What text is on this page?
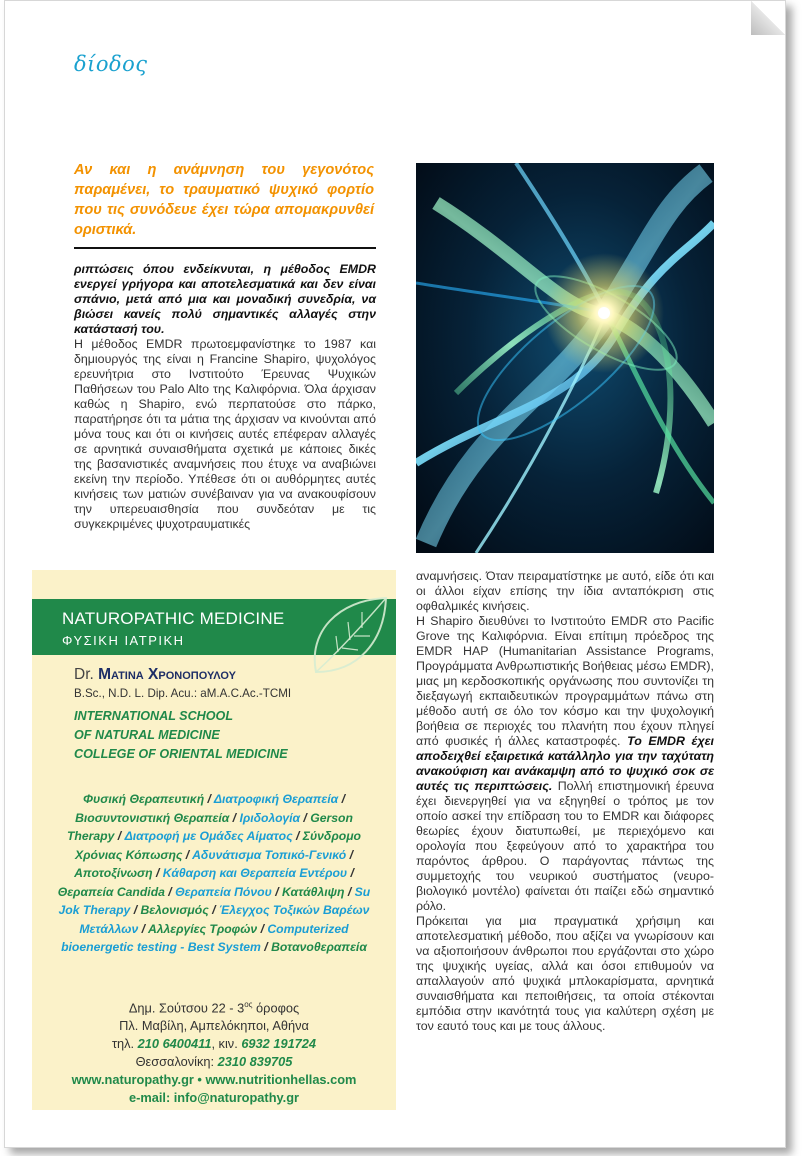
δίοδος
Αν και η ανάμνηση του γεγονότος παραμένει, το τραυματικό ψυχικό φορτίο που τις συνόδευε έχει τώρα απομακρυνθεί οριστικά.

ριπτώσεις όπου ενδείκνυται, η μέθοδος EMDR ενεργεί γρήγορα και αποτελεσματικά και δεν είναι σπάνιο, μετά από μια και μοναδική συνεδρία, να βιώσει κανείς πολύ σημαντικές αλλαγές στην κατάστασή του.

Η μέθοδος EMDR πρωτοεμφανίστηκε το 1987 και δημιουργός της είναι η Francine Shapiro, ψυχολόγος ερευνήτρια στο Ινστιτούτο Έρευνας Ψυχικών Παθήσεων του Palo Alto της Καλιφόρνια. Όλα άρχισαν καθώς η Shapiro, ενώ περπατούσε στο πάρκο, παρατήρησε ότι τα μάτια της άρχισαν να κινούνται από μόνα τους και ότι οι κινήσεις αυτές επέφεραν αλλαγές σε αρνητικά συναισθήματα σχετικά με κάποιες δικές της βασανιστικές αναμνήσεις που έτυχε να αναβιώνει εκείνη την περίοδο. Υπέθεσε ότι οι αυθόρμητες αυτές κινήσεις των ματιών συνέβαιναν για να ανακουφίσουν την υπερευαισθησία που συνδεόταν με τις συγκεκριμένες ψυχοτραυματικές

αναμνήσεις. Όταν πειραματίστηκε με αυτό, είδε ότι και οι άλλοι είχαν επίσης την ίδια ανταπόκριση στις οφθαλμικές κινήσεις.

Η Shapiro διευθύνει το Ινστιτούτο EMDR στο Pacific Grove της Καλιφόρνια. Είναι επίτιμη πρόεδρος της EMDR HAP (Humanitarian Assistance Programs, Προγράμματα Ανθρωπιστικής Βοήθειας μέσω EMDR), μιας μη κερδοσκοπικής οργάνωσης που συντονίζει τη διεξαγωγή εκπαιδευτικών προγραμμάτων πάνω στη μέθοδο αυτή σε όλο τον κόσμο και την ψυχολογική βοήθεια σε περιοχές του πλανήτη που έχουν πληγεί από φυσικές ή άλλες καταστροφές. Το EMDR έχει αποδειχθεί εξαιρετικά κατάλληλο για την ταχύτατη ανακούφιση και ανάκαμψη από το ψυχικό σοκ σε αυτές τις περιπτώσεις. Πολλή επιστημονική έρευνα έχει διενεργηθεί για να εξηγηθεί ο τρόπος με τον οποίο ασκεί την επίδραση του το EMDR και διάφορες θεωρίες έχουν διατυπωθεί, με περιεχόμενο και ορολογία που ξεφεύγουν από το χαρακτήρα του παρόντος άρθρου. Ο παράγοντας πάντως της συμμετοχής του νευρικού συστήματος (νευρο-βιολογικό μοντέλο) φαίνεται ότι παίζει εδώ σημαντικό ρόλο.

Πρόκειται για μια πραγματικά χρήσιμη και αποτελεσματική μέθοδο, που αξίζει να γνωρίσουν και να αξιοποιήσουν άνθρωποι που εργάζονται στο χώρο της ψυχικής υγείας, αλλά και όσοι επιθυμούν να απαλλαγούν από ψυχικά μπλοκαρίσματα, αρνητικά συναισθήματα και πεποιθήσεις, τα οποία στέκονται εμπόδια στην ικανότητά τους για καλύτερη σχέση με τον εαυτό τους και με τους άλλους.

NATUROPATHIC MEDICINE
ΦΥΣΙΚΗ ΙΑΤΡΙΚΗ
Dr. Ματινα Χρονοπουλου
B.Sc., N.D. L. Dip. Acu.: aM.A.C.Ac.-TCMI
INTERNATIONAL SCHOOL
OF NATURAL MEDICINE
COLLEGE OF ORIENTAL MEDICINE
Φυσική Θεραπευτική / Διατροφική Θεραπεία / Βιοσυντονιστική Θεραπεία / Ιριδολογία / Gerson Therapy / Διατροφή με Ομάδες Αίματος / Σύνδρομο Χρόνιας Κόπωσης / Αδυνάτισμα Τοπικό-Γενικό / Αποτοξίνωση / Κάθαρση και Θεραπεία Εντέρου / Θεραπεία Candida / Θεραπεία Πόνου / Κατάθλιψη / Su Jok Therapy / Βελονισμός / Έλεγχος Τοξικών Βαρέων Μετάλλων / Αλλεργίες Τροφών / Computerized bioenergetic testing - Best System / Βοτανοθεραπεία
Δημ. Σούτσου $22 - 3^{o\varsigma}$ όροφος
Πλ. Μαβίλη, Αμπελόκηποι, Αθήνα
τηλ. 210 6400411, κιν. 6932 191724
Θεσσαλονίκη: 2310 839705
www.naturopathy.gr • www.nutritionhellas.com
e-mail: info@naturopathy.gr
